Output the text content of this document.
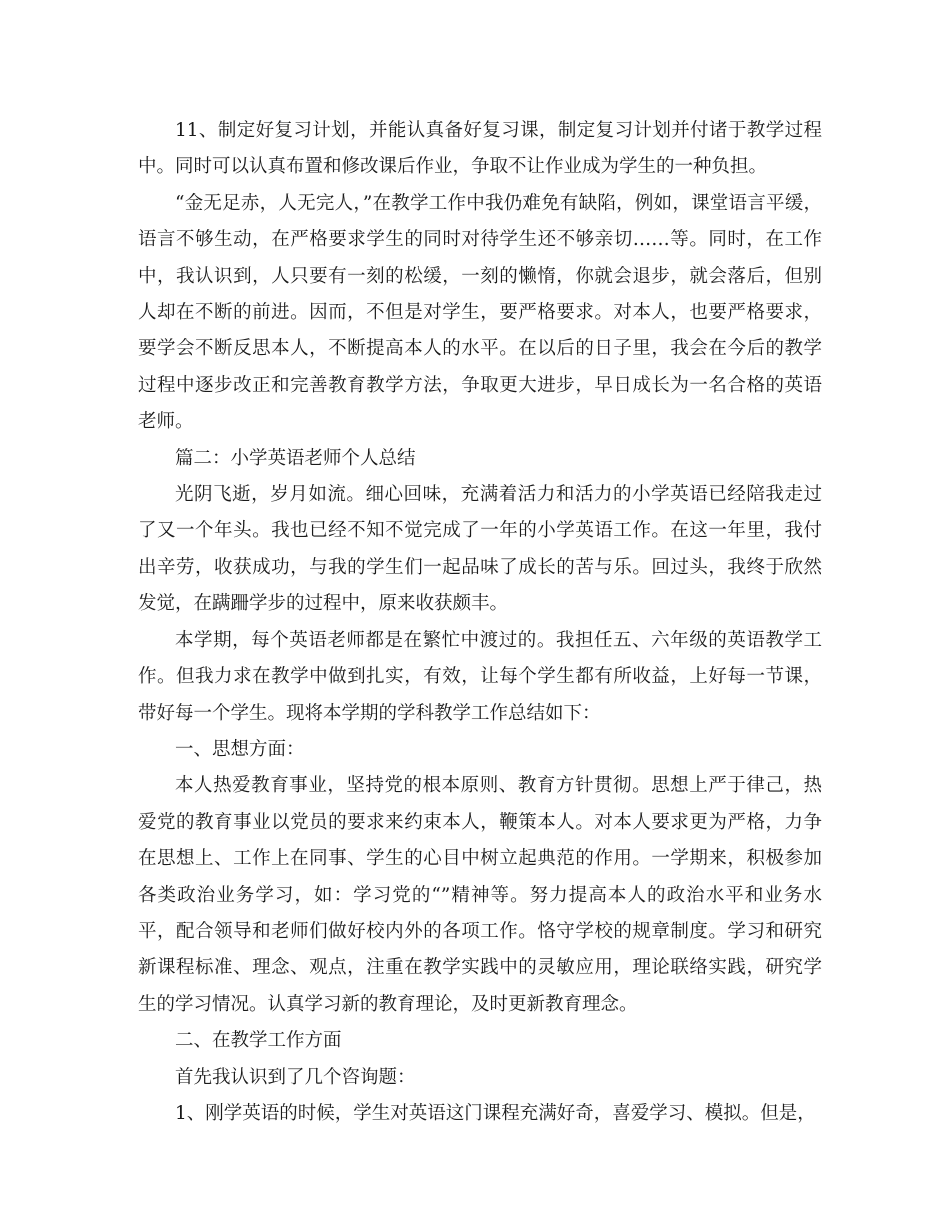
11、制定好复习计划，并能认真备好复习课，制定复习计划并付诸于教学过程中。同时可以认真布置和修改课后作业，争取不让作业成为学生的一种负担。

“金无足赤，人无完人，”在教学工作中我仍难免有缺陷，例如，课堂语言平缓，语言不够生动，在严格要求学生的同时对待学生还不够亲切……等。同时，在工作中，我认识到，人只要有一刻的松缓，一刻的懒惰，你就会退步，就会落后，但别人却在不断的前进。因而，不但是对学生，要严格要求。对本人，也要严格要求，要学会不断反思本人，不断提高本人的水平。在以后的日子里，我会在今后的教学过程中逐步改正和完善教育教学方法，争取更大进步，早日成长为一名合格的英语老师。

篇二：小学英语老师个人总结

光阴飞逝，岁月如流。细心回味，充满着活力和活力的小学英语已经陪我走过了又一个年头。我也已经不知不觉完成了一年的小学英语工作。在这一年里，我付出辛劳，收获成功，与我的学生们一起品味了成长的苦与乐。回过头，我终于欣然发觉，在蹒跚学步的过程中，原来收获颇丰。

本学期，每个英语老师都是在繁忙中渡过的。我担任五、六年级的英语教学工作。但我力求在教学中做到扎实，有效，让每个学生都有所收益，上好每一节课，带好每一个学生。现将本学期的学科教学工作总结如下：

一、思想方面：

本人热爱教育事业，坚持党的根本原则、教育方针贯彻。思想上严于律己，热爱党的教育事业以党员的要求来约束本人，鞭策本人。对本人要求更为严格，力争在思想上、工作上在同事、学生的心目中树立起典范的作用。一学期来，积极参加各类政治业务学习，如：学习党的“”精神等。努力提高本人的政治水平和业务水平，配合领导和老师们做好校内外的各项工作。恪守学校的规章制度。学习和研究新课程标准、理念、观点，注重在教学实践中的灵敏应用，理论联络实践，研究学生的学习情况。认真学习新的教育理论，及时更新教育理念。

二、在教学工作方面

首先我认识到了几个咨询题：

1、刚学英语的时候，学生对英语这门课程充满好奇，喜爱学习、模拟。但是，
